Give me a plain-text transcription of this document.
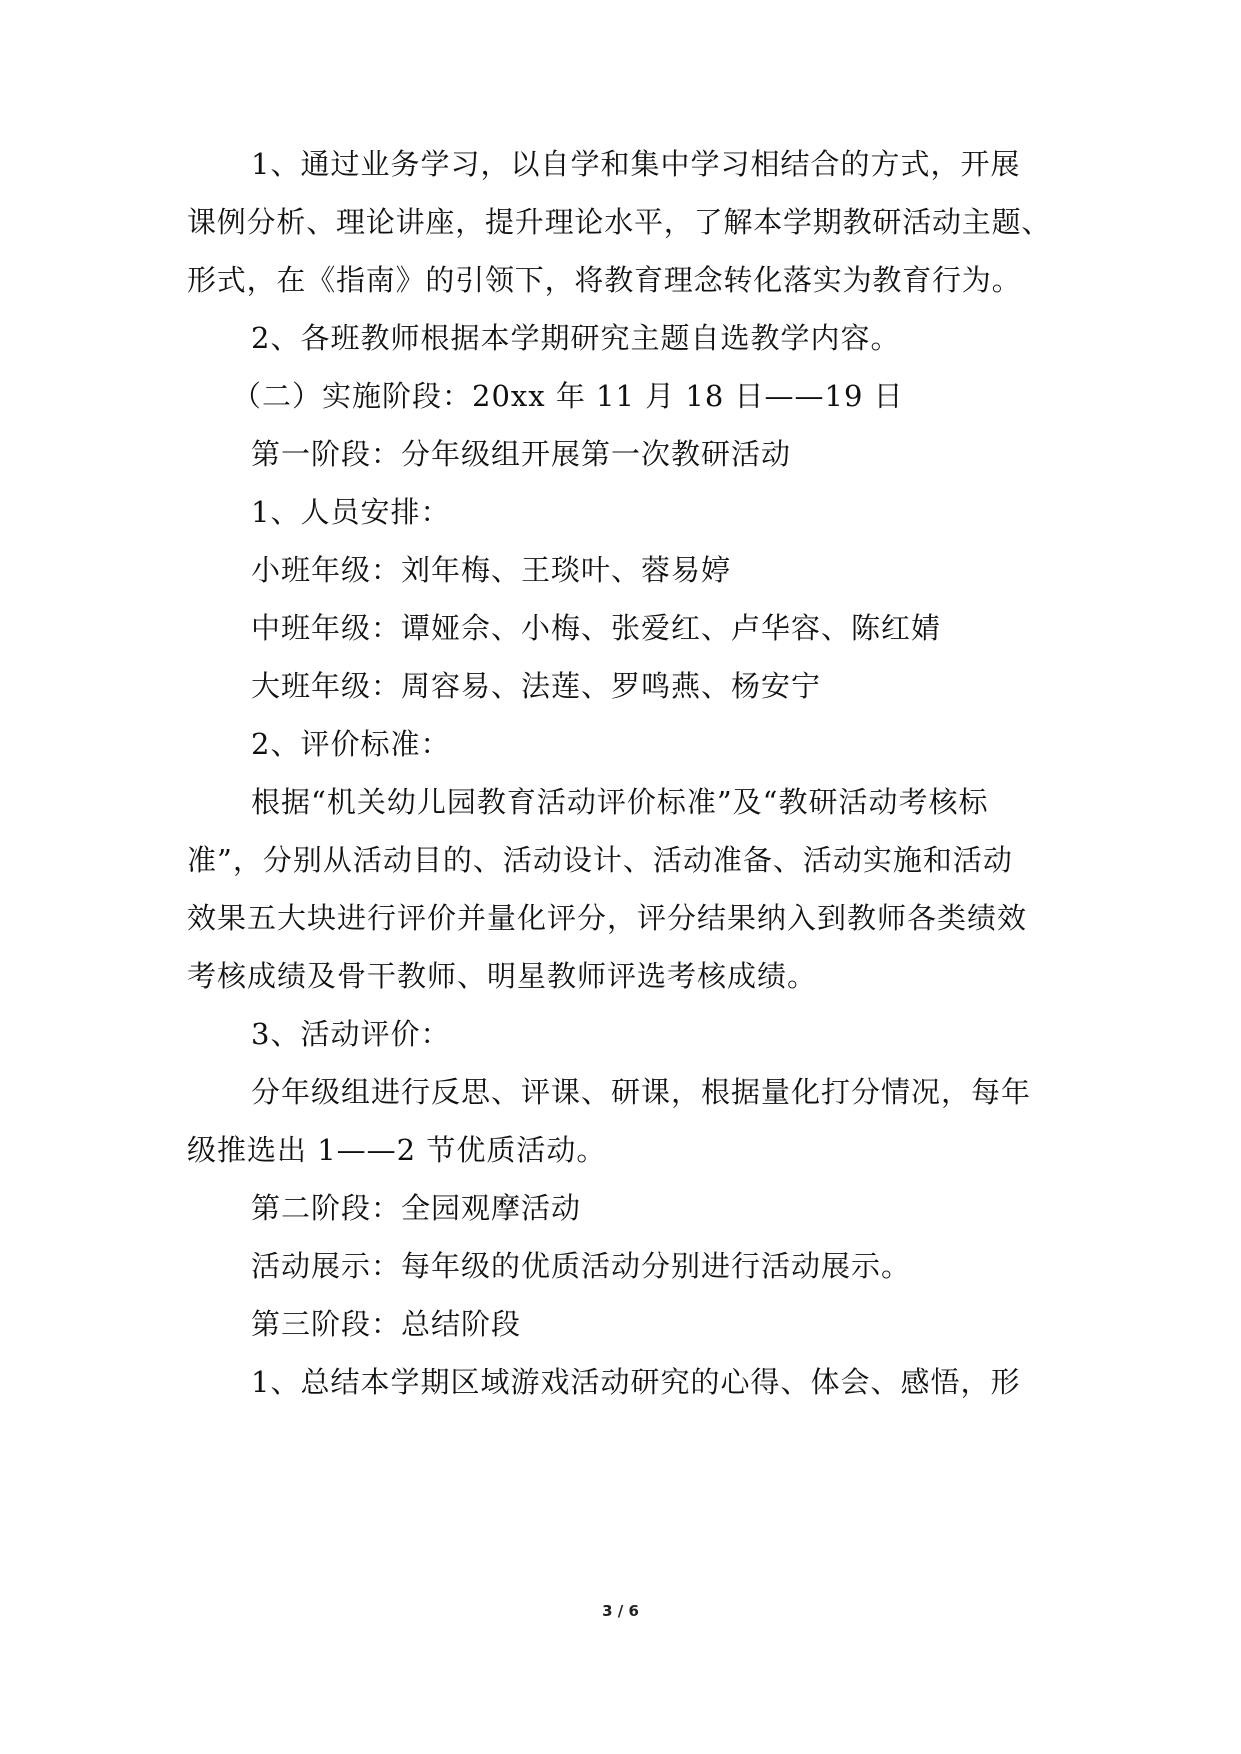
1、通过业务学习，以自学和集中学习相结合的方式，开展
课例分析、理论讲座，提升理论水平，了解本学期教研活动主题、
形式，在《指南》的引领下，将教育理念转化落实为教育行为。
2、各班教师根据本学期研究主题自选教学内容。
（二）实施阶段：20xx 年 11 月 18 日——19 日
第一阶段：分年级组开展第一次教研活动
1、人员安排：
小班年级：刘年梅、王琰叶、蓉易婷
中班年级：谭娅佘、小梅、张爱红、卢华容、陈红婧
大班年级：周容易、法莲、罗鸣燕、杨安宁
2、评价标准：
根据“机关幼儿园教育活动评价标准”及“教研活动考核标
准”，分别从活动目的、活动设计、活动准备、活动实施和活动
效果五大块进行评价并量化评分，评分结果纳入到教师各类绩效
考核成绩及骨干教师、明星教师评选考核成绩。
3、活动评价：
分年级组进行反思、评课、研课，根据量化打分情况，每年
级推选出 1——2 节优质活动。
第二阶段：全园观摩活动
活动展示：每年级的优质活动分别进行活动展示。
第三阶段：总结阶段
1、总结本学期区域游戏活动研究的心得、体会、感悟，形
3 / 6
